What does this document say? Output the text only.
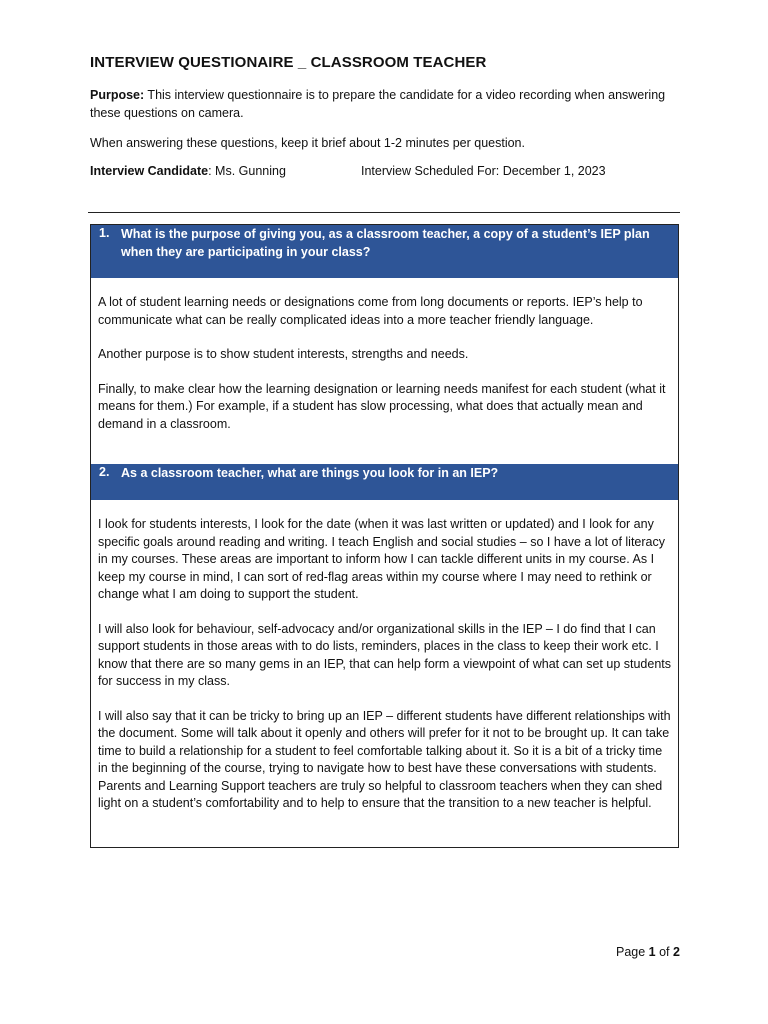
INTERVIEW QUESTIONAIRE _ CLASSROOM TEACHER
Purpose: This interview questionnaire is to prepare the candidate for a video recording when answering these questions on camera.
When answering these questions, keep it brief about 1-2 minutes per question.
Interview Candidate: Ms. Gunning	Interview Scheduled For: December 1, 2023
1. What is the purpose of giving you, as a classroom teacher, a copy of a student’s IEP plan when they are participating in your class?

A lot of student learning needs or designations come from long documents or reports. IEP’s help to communicate what can be really complicated ideas into a more teacher friendly language.

Another purpose is to show student interests, strengths and needs.

Finally, to make clear how the learning designation or learning needs manifest for each student (what it means for them.) For example, if a student has slow processing, what does that actually mean and demand in a classroom.

2. As a classroom teacher, what are things you look for in an IEP?

I look for students interests, I look for the date (when it was last written or updated) and I look for any specific goals around reading and writing. I teach English and social studies – so I have a lot of literacy in my courses. These areas are important to inform how I can tackle different units in my course. As I keep my course in mind, I can sort of red-flag areas within my course where I may need to rethink or change what I am doing to support the student.

I will also look for behaviour, self-advocacy and/or organizational skills in the IEP – I do find that I can support students in those areas with to do lists, reminders, places in the class to keep their work etc. I know that there are so many gems in an IEP, that can help form a viewpoint of what can set up students for success in my class.

I will also say that it can be tricky to bring up an IEP – different students have different relationships with the document. Some will talk about it openly and others will prefer for it not to be brought up. It can take time to build a relationship for a student to feel comfortable talking about it. So it is a bit of a tricky time in the beginning of the course, trying to navigate how to best have these conversations with students. Parents and Learning Support teachers are truly so helpful to classroom teachers when they can shed light on a student’s comfortability and to help to ensure that the transition to a new teacher is helpful.

Page 1 of 2
